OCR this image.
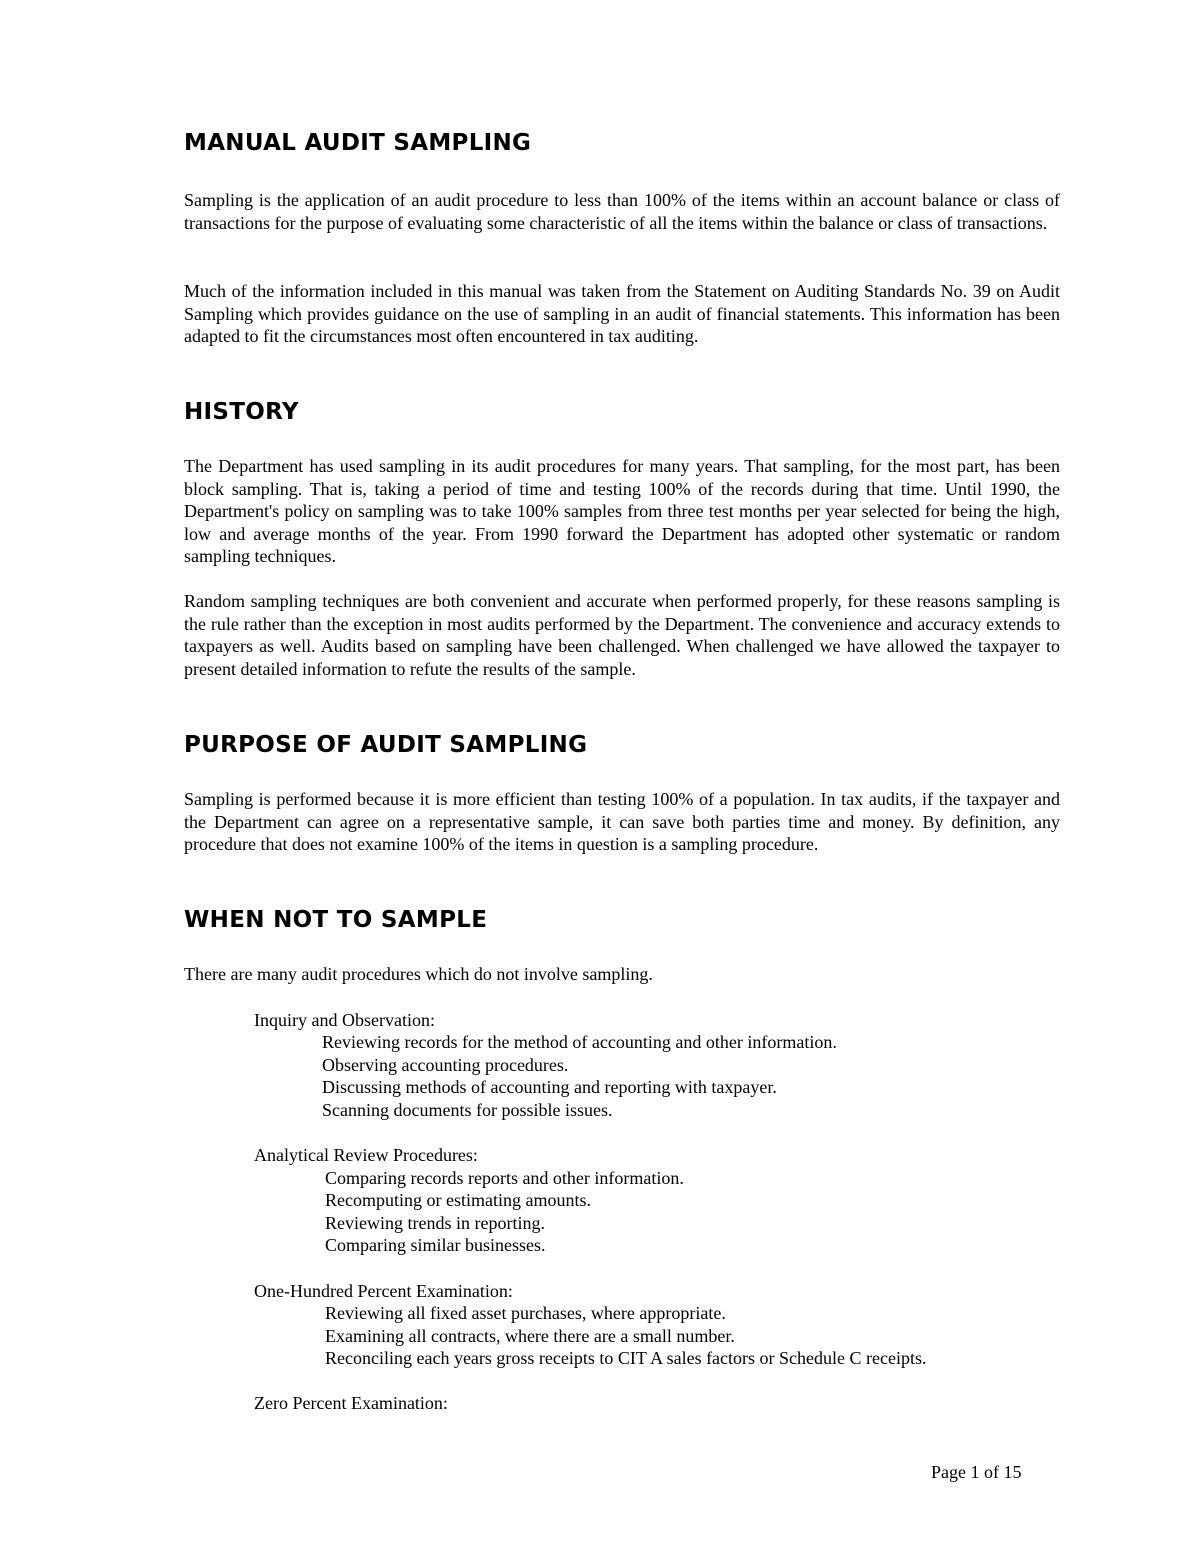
MANUAL AUDIT SAMPLING

Sampling is the application of an audit procedure to less than 100% of the items within an account balance or class of transactions for the purpose of evaluating some characteristic of all the items within the balance or class of transactions.

Much of the information included in this manual was taken from the Statement on Auditing Standards No. 39 on Audit Sampling which provides guidance on the use of sampling in an audit of financial statements. This information has been adapted to fit the circumstances most often encountered in tax auditing.

HISTORY

The Department has used sampling in its audit procedures for many years. That sampling, for the most part, has been block sampling. That is, taking a period of time and testing 100% of the records during that time. Until 1990, the Department's policy on sampling was to take 100% samples from three test months per year selected for being the high, low and average months of the year. From 1990 forward the Department has adopted other systematic or random sampling techniques.

Random sampling techniques are both convenient and accurate when performed properly, for these reasons sampling is the rule rather than the exception in most audits performed by the Department. The convenience and accuracy extends to taxpayers as well. Audits based on sampling have been challenged. When challenged we have allowed the taxpayer to present detailed information to refute the results of the sample.

PURPOSE OF AUDIT SAMPLING

Sampling is performed because it is more efficient than testing 100% of a population. In tax audits, if the taxpayer and the Department can agree on a representative sample, it can save both parties time and money. By definition, any procedure that does not examine 100% of the items in question is a sampling procedure.

WHEN NOT TO SAMPLE

There are many audit procedures which do not involve sampling.

Inquiry and Observation:

Reviewing records for the method of accounting and other information.

Observing accounting procedures.

Discussing methods of accounting and reporting with taxpayer.

Scanning documents for possible issues.

Analytical Review Procedures:

Comparing records reports and other information.

Recomputing or estimating amounts.

Reviewing trends in reporting.

Comparing similar businesses.

One-Hundred Percent Examination:

Reviewing all fixed asset purchases, where appropriate.

Examining all contracts, where there are a small number.

Reconciling each years gross receipts to CIT A sales factors or Schedule C receipts.

Zero Percent Examination:

Page 1 of 15
